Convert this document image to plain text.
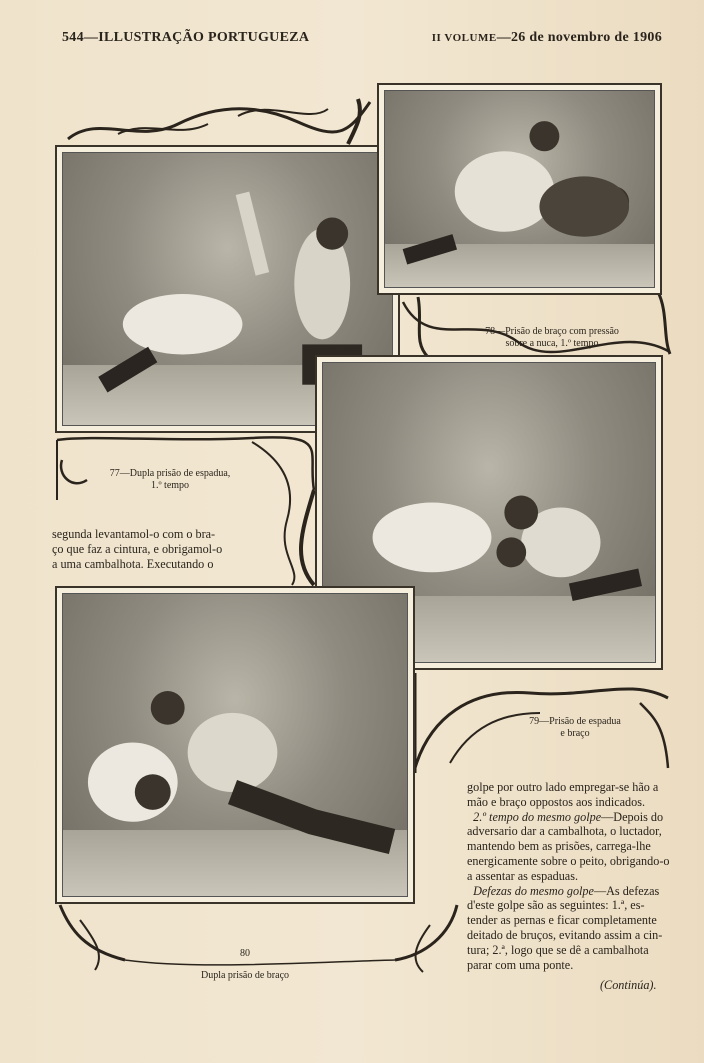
544—ILLUSTRAÇÃO PORTUGUEZA	II VOLUME—26 de novembro de 1906
77—Dupla prisão de espadua,
1.º tempo
78—Prisão de braço com pressão
sobre a nuca, 1.º tempo
79—Prisão de espadua
e braço
80
Dupla prisão de braço

segunda levantamol-o com o bra-

ço que faz a cintura, e obrigamol-o

a uma cambalhota. Executando o

golpe por outro lado empregar-se hão a

mão e braço oppostos aos indicados.

2.º tempo do mesmo golpe—Depois do

adversario dar a cambalhota, o luctador,

mantendo bem as prisões, carrega-lhe

energicamente sobre o peito, obrigando-o

a assentar as espaduas.

Defezas do mesmo golpe—As defezas

d'este golpe são as seguintes: 1.ª, es-

tender as pernas e ficar completamente

deitado de bruços, evitando assim a cin-

tura; 2.ª, logo que se dê a cambalhota

parar com uma ponte.

(Continúa).
